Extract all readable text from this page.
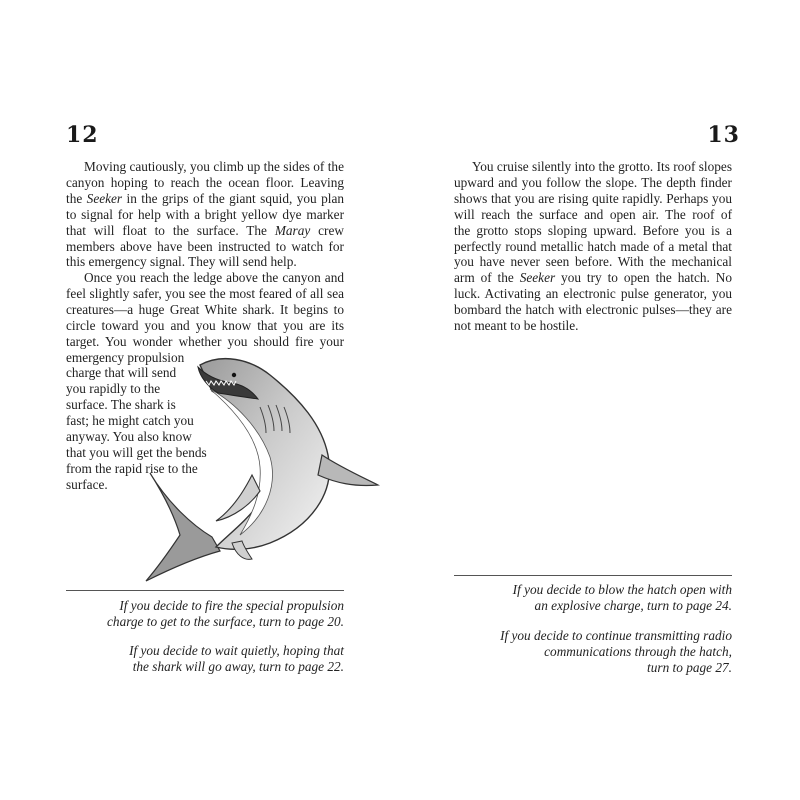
12
Moving cautiously, you climb up the sides of the
canyon hoping to reach the ocean floor. Leaving
the Seeker in the grips of the giant squid, you plan
to signal for help with a bright yellow dye marker
that will float to the surface. The Maray crew
members above have been instructed to watch for
this emergency signal. They will send help.
Once you reach the ledge above the canyon and
feel slightly safer, you see the most feared of all sea
creatures—a huge Great White shark. It begins to
circle toward you and you know that you are its
target. You wonder whether you should fire your
emergency propulsion
charge that will send
you rapidly to the
surface. The shark is
fast; he might catch you
anyway. You also know
that you will get the bends
from the rapid rise to the
surface.
If you decide to fire the special propulsion
charge to get to the surface, turn to page 20.
If you decide to wait quietly, hoping that
the shark will go away, turn to page 22.
13
You cruise silently into the grotto. Its roof slopes
upward and you follow the slope. The depth finder
shows that you are rising quite rapidly. Perhaps you
will reach the surface and open air. The roof of
the grotto stops sloping upward. Before you is a
perfectly round metallic hatch made of a metal that
you have never seen before. With the mechanical
arm of the Seeker you try to open the hatch. No
luck. Activating an electronic pulse generator, you
bombard the hatch with electronic pulses—they are
not meant to be hostile.
If you decide to blow the hatch open with
an explosive charge, turn to page 24.
If you decide to continue transmitting radio
communications through the hatch,
turn to page 27.
